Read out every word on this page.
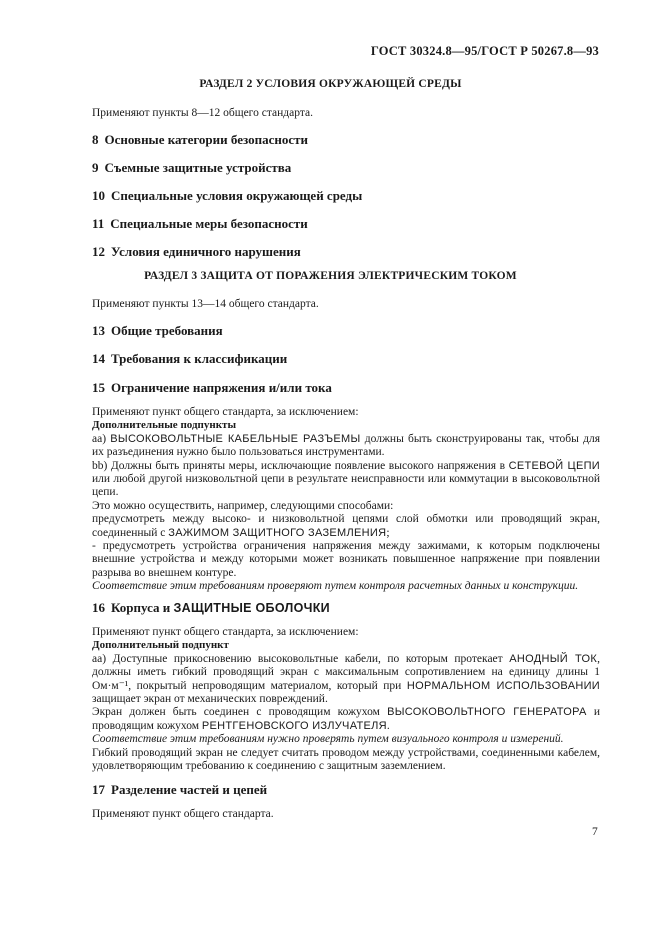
ГОСТ 30324.8—95/ГОСТ Р 50267.8—93
РАЗДЕЛ 2 УСЛОВИЯ ОКРУЖАЮЩЕЙ СРЕДЫ
Применяют пункты 8—12 общего стандарта.
8 Основные категории безопасности
9 Съемные защитные устройства
10 Специальные условия окружающей среды
11 Специальные меры безопасности
12 Условия единичного нарушения
РАЗДЕЛ 3 ЗАЩИТА ОТ ПОРАЖЕНИЯ ЭЛЕКТРИЧЕСКИМ ТОКОМ
Применяют пункты 13—14 общего стандарта.
13 Общие требования
14 Требования к классификации
15 Ограничение напряжения и/или тока

Применяют пункт общего стандарта, за исключением:

Дополнительные подпункты

аа) ВЫСОКОВОЛЬТНЫЕ КАБЕЛЬНЫЕ РАЗЪЕМЫ должны быть сконструированы так, чтобы для их разъединения нужно было пользоваться инструментами.

bb) Должны быть приняты меры, исключающие появление высокого напряжения в СЕТЕВОЙ ЦЕПИ или любой другой низковольтной цепи в результате неисправности или коммутации в высоковольтной цепи.

Это можно осуществить, например, следующими способами:

предусмотреть между высоко- и низковольтной цепями слой обмотки или проводящий экран, соединенный с ЗАЖИМОМ ЗАЩИТНОГО ЗАЗЕМЛЕНИЯ;

- предусмотреть устройства ограничения напряжения между зажимами, к которым подключены внешние устройства и между которыми может возникать повышенное напряжение при появлении разрыва во внешнем контуре.

Соответствие этим требованиям проверяют путем контроля расчетных данных и конструкции.

16 Корпуса и ЗАЩИТНЫЕ ОБОЛОЧКИ

Применяют пункт общего стандарта, за исключением:

Дополнительный подпункт

аа) Доступные прикосновению высоковольтные кабели, по которым протекает АНОДНЫЙ ТОК, должны иметь гибкий проводящий экран с максимальным сопротивлением на единицу длины 1 Ом·м⁻¹, покрытый непроводящим материалом, который при НОРМАЛЬНОМ ИСПОЛЬЗОВАНИИ защищает экран от механических повреждений.

Экран должен быть соединен с проводящим кожухом ВЫСОКОВОЛЬТНОГО ГЕНЕРАТОРА и проводящим кожухом РЕНТГЕНОВСКОГО ИЗЛУЧАТЕЛЯ.

Соответствие этим требованиям нужно проверять путем визуального контроля и измерений.

Гибкий проводящий экран не следует считать проводом между устройствами, соединенными кабелем, удовлетворяющим требованию к соединению с защитным заземлением.

17 Разделение частей и цепей
Применяют пункт общего стандарта.
7
